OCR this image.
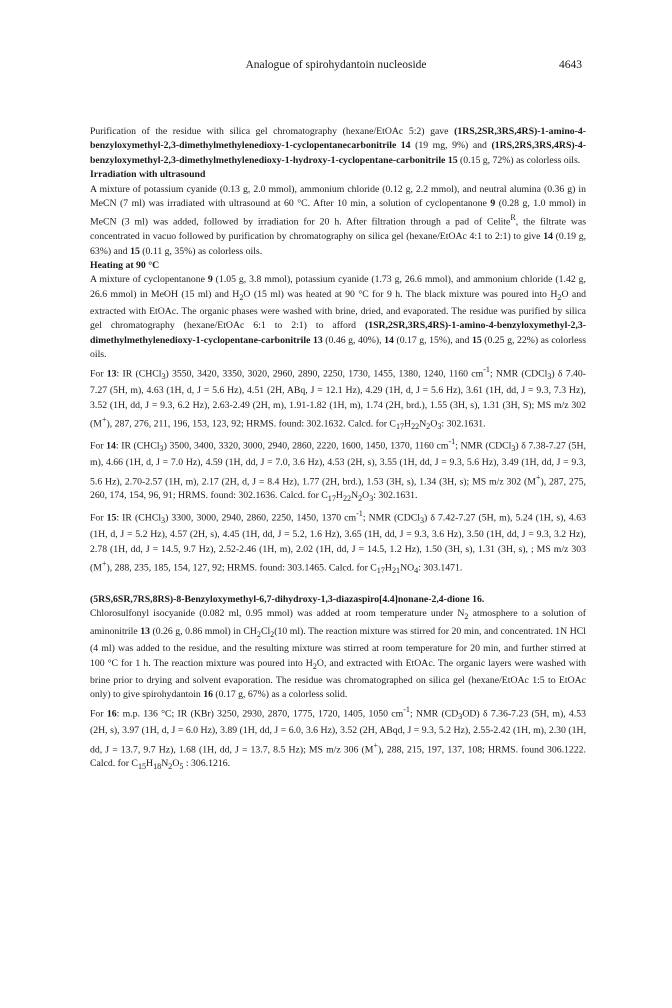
Analogue of spirohydantoin nucleoside	4643

Purification of the residue with silica gel chromatography (hexane/EtOAc 5:2) gave (1RS,2SR,3RS,4RS)-1-amino-4-benzyloxymethyl-2,3-dimethylmethylenedioxy-1-cyclopentanecarbonitrile 14 (19 mg, 9%) and (1RS,2RS,3RS,4RS)-4-benzyloxymethyl-2,3-dimethylmethylenedioxy-1-hydroxy-1-cyclopentane-carbonitrile 15 (0.15 g, 72%) as colorless oils.

Irradiation with ultrasound

A mixture of potassium cyanide (0.13 g, 2.0 mmol), ammonium chloride (0.12 g, 2.2 mmol), and neutral alumina (0.36 g) in MeCN (7 ml) was irradiated with ultrasound at 60 °C. After 10 min, a solution of cyclopentanone 9 (0.28 g, 1.0 mmol) in MeCN (3 ml) was added, followed by irradiation for 20 h. After filtration through a pad of Celite$^R$, the filtrate was concentrated in vacuo followed by purification by chromatography on silica gel (hexane/EtOAc 4:1 to 2:1) to give 14 (0.19 g, 63%) and 15 (0.11 g, 35%) as colorless oils.

Heating at 90 °C

A mixture of cyclopentanone 9 (1.05 g, 3.8 mmol), potassium cyanide (1.73 g, 26.6 mmol), and ammonium chloride (1.42 g, 26.6 mmol) in MeOH (15 ml) and $H_2O$ (15 ml) was heated at 90 °C for 9 h. The black mixture was poured into $H_2O$ and extracted with EtOAc. The organic phases were washed with brine, dried, and evaporated. The residue was purified by silica gel chromatography (hexane/EtOAc 6:1 to 2:1) to afford (1SR,2SR,3RS,4RS)-1-amino-4-benzyloxymethyl-2,3-dimethylmethylenedioxy-1-cyclopentane-carbonitrile 13 (0.46 g, 40%), 14 (0.17 g, 15%), and 15 (0.25 g, 22%) as colorless oils.

For 13: IR (CHCl$_3$) 3550, 3420, 3350, 3020, 2960, 2890, 2250, 1730, 1455, 1380, 1240, 1160 $cm^{-1}$; NMR (CDCl$_3$) δ 7.40-7.27 (5H, m), 4.63 (1H, d, J = 5.6 Hz), 4.51 (2H, ABq, J = 12.1 Hz), 4.29 (1H, d, J = 5.6 Hz), 3.61 (1H, dd, J = 9.3, 7.3 Hz), 3.52 (1H, dd, J = 9.3, 6.2 Hz), 2.63-2.49 (2H, m), 1.91-1.82 (1H, m), 1.74 (2H, brd.), 1.55 (3H, s), 1.31 (3H, S); MS m/z 302 (M+), 287, 276, 211, 196, 153, 123, 92; HRMS. found: 302.1632. Calcd. for $C_{17}H_{22}N_2O_3$: 302.1631.

For 14: IR (CHCl$_3$) 3500, 3400, 3320, 3000, 2940, 2860, 2220, 1600, 1450, 1370, 1160 $cm^{-1}$; NMR (CDCl$_3$) δ 7.38-7.27 (5H, m), 4.66 (1H, d, J = 7.0 Hz), 4.59 (1H, dd, J = 7.0, 3.6 Hz), 4.53 (2H, s), 3.55 (1H, dd, J = 9.3, 5.6 Hz), 3.49 (1H, dd, J = 9.3, 5.6 Hz), 2.70-2.57 (1H, m), 2.17 (2H, d, J = 8.4 Hz), 1.77 (2H, brd.), 1.53 (3H, s), 1.34 (3H, s); MS m/z 302 (M+), 287, 275, 260, 174, 154, 96, 91; HRMS. found: 302.1636. Calcd. for $C_{17}H_{22}N_2O_3$: 302.1631.

For 15: IR (CHCl$_3$) 3300, 3000, 2940, 2860, 2250, 1450, 1370 $cm^{-1}$; NMR (CDCl$_3$) δ 7.42-7.27 (5H, m), 5.24 (1H, s), 4.63 (1H, d, J = 5.2 Hz), 4.57 (2H, s), 4.45 (1H, dd, J = 5.2, 1.6 Hz), 3.65 (1H, dd, J = 9.3, 3.6 Hz), 3.50 (1H, dd, J = 9.3, 3.2 Hz), 2.78 (1H, dd, J = 14.5, 9.7 Hz), 2.52-2.46 (1H, m), 2.02 (1H, dd, J = 14.5, 1.2 Hz), 1.50 (3H, s), 1.31 (3H, s), ; MS m/z 303 (M+), 288, 235, 185, 154, 127, 92; HRMS. found: 303.1465. Calcd. for $C_{17}H_{21}NO_4$: 303.1471.

(5RS,6SR,7RS,8RS)-8-Benzyloxymethyl-6,7-dihydroxy-1,3-diazaspiro[4.4]nonane-2,4-dione 16.

Chlorosulfonyl isocyanide (0.082 ml, 0.95 mmol) was added at room temperature under $N_2$ atmosphere to a solution of aminonitrile 13 (0.26 g, 0.86 mmol) in $CH_2Cl_2(10$ ml). The reaction mixture was stirred for 20 min, and concentrated. 1N HCl (4 ml) was added to the residue, and the resulting mixture was stirred at room temperature for 20 min, and further stirred at 100 °C for 1 h. The reaction mixture was poured into $H_2O$, and extracted with EtOAc. The organic layers were washed with brine prior to drying and solvent evaporation. The residue was chromatographed on silica gel (hexane/EtOAc 1:5 to EtOAc only) to give spirohydantoin 16 (0.17 g, 67%) as a colorless solid.

For 16: m.p. 136 °C; IR (KBr) 3250, 2930, 2870, 1775, 1720, 1405, 1050 $cm^{-1}$; NMR $(CD_3OD)$ δ 7.36-7.23 (5H, m), 4.53 (2H, s), 3.97 (1H, d, J = 6.0 Hz), 3.89 (1H, dd, J = 6.0, 3.6 Hz), 3.52 (2H, ABqd, J = 9.3, 5.2 Hz), 2.55-2.42 (1H, m), 2.30 (1H, dd, J = 13.7, 9.7 Hz), 1.68 (1H, dd, J = 13.7, 8.5 Hz); MS m/z 306 (M+), 288, 215, 197, 137, 108; HRMS. found 306.1222. Calcd. for $C_{15}H_{18}N_2O_5$ : 306.1216.
